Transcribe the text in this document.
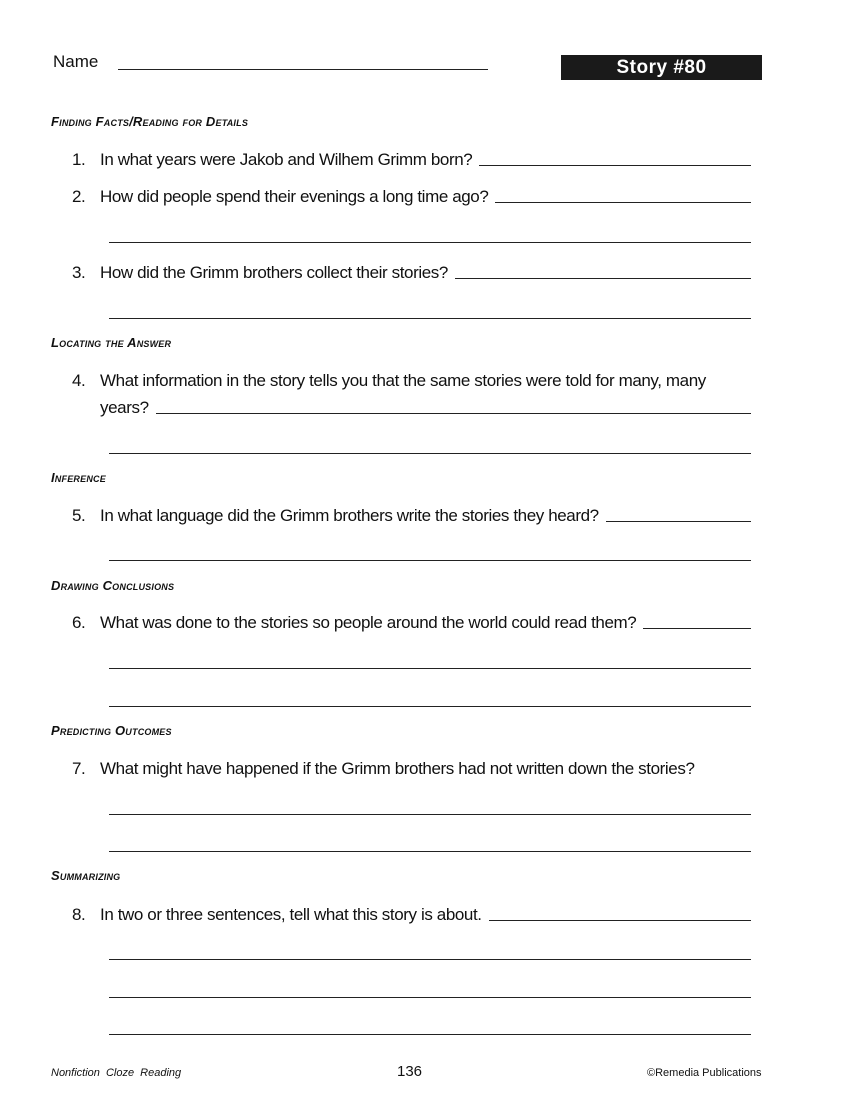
Name	Story #80
Finding Facts/Reading for Details
1. In what years were Jakob and Wilhem Grimm born?
2. How did people spend their evenings a long time ago?
3. How did the Grimm brothers collect their stories?
Locating the Answer
4. What information in the story tells you that the same stories were told for many, many
years?
Inference
5. In what language did the Grimm brothers write the stories they heard?
Drawing Conclusions
6. What was done to the stories so people around the world could read them?
Predicting Outcomes
7. What might have happened if the Grimm brothers had not written down the stories?
Summarizing
8. In two or three sentences, tell what this story is about.
Nonfiction Cloze Reading	136	©Remedia Publications
